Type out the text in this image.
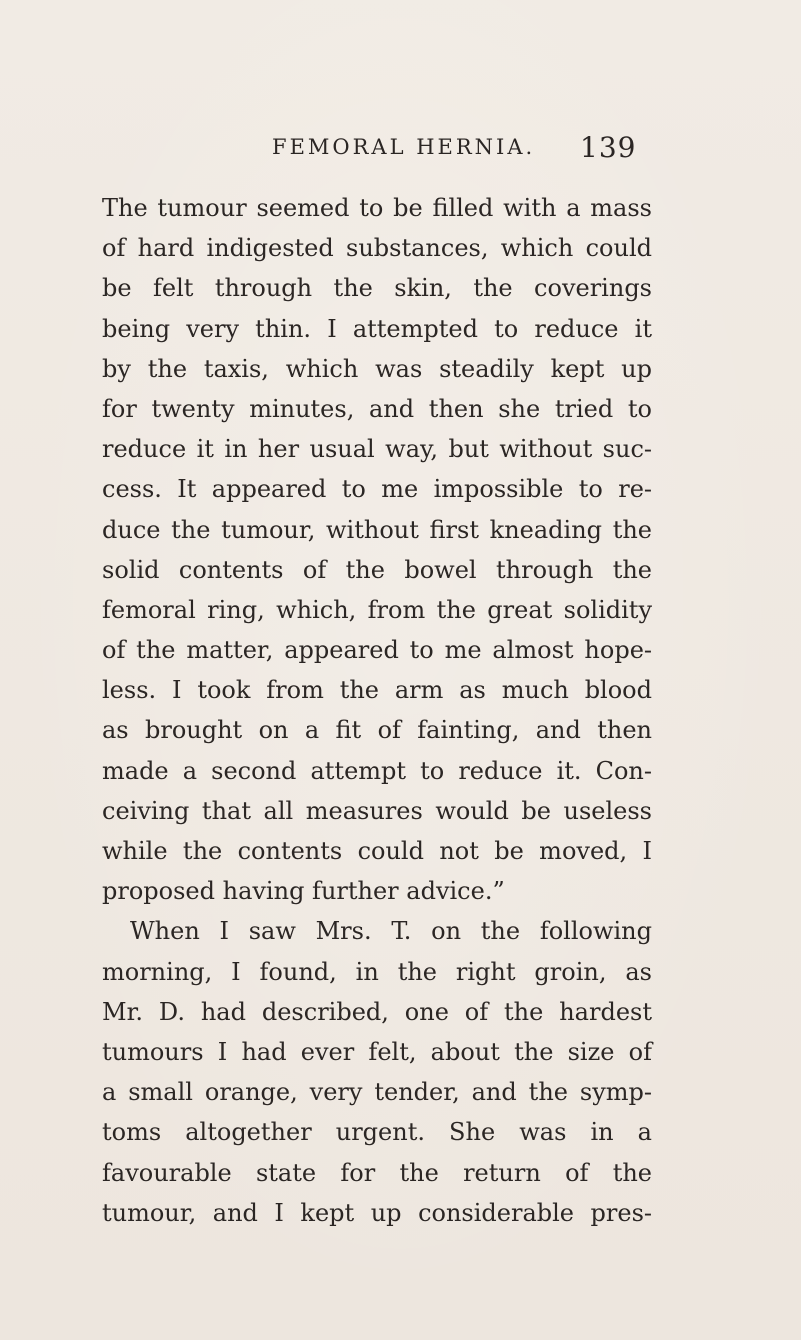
FEMORAL HERNIA. 139
The tumour seemed to be filled with a mass
of hard indigested substances, which could
be felt through the skin, the coverings
being very thin. I attempted to reduce it
by the taxis, which was steadily kept up
for twenty minutes, and then she tried to
reduce it in her usual way, but without suc-
cess. It appeared to me impossible to re-
duce the tumour, without first kneading the
solid contents of the bowel through the
femoral ring, which, from the great solidity
of the matter, appeared to me almost hope-
less. I took from the arm as much blood
as brought on a fit of fainting, and then
made a second attempt to reduce it. Con-
ceiving that all measures would be useless
while the contents could not be moved, I
proposed having further advice.”
When I saw Mrs. T. on the following
morning, I found, in the right groin, as
Mr. D. had described, one of the hardest
tumours I had ever felt, about the size of
a small orange, very tender, and the symp-
toms altogether urgent. She was in a
favourable state for the return of the
tumour, and I kept up considerable pres-
